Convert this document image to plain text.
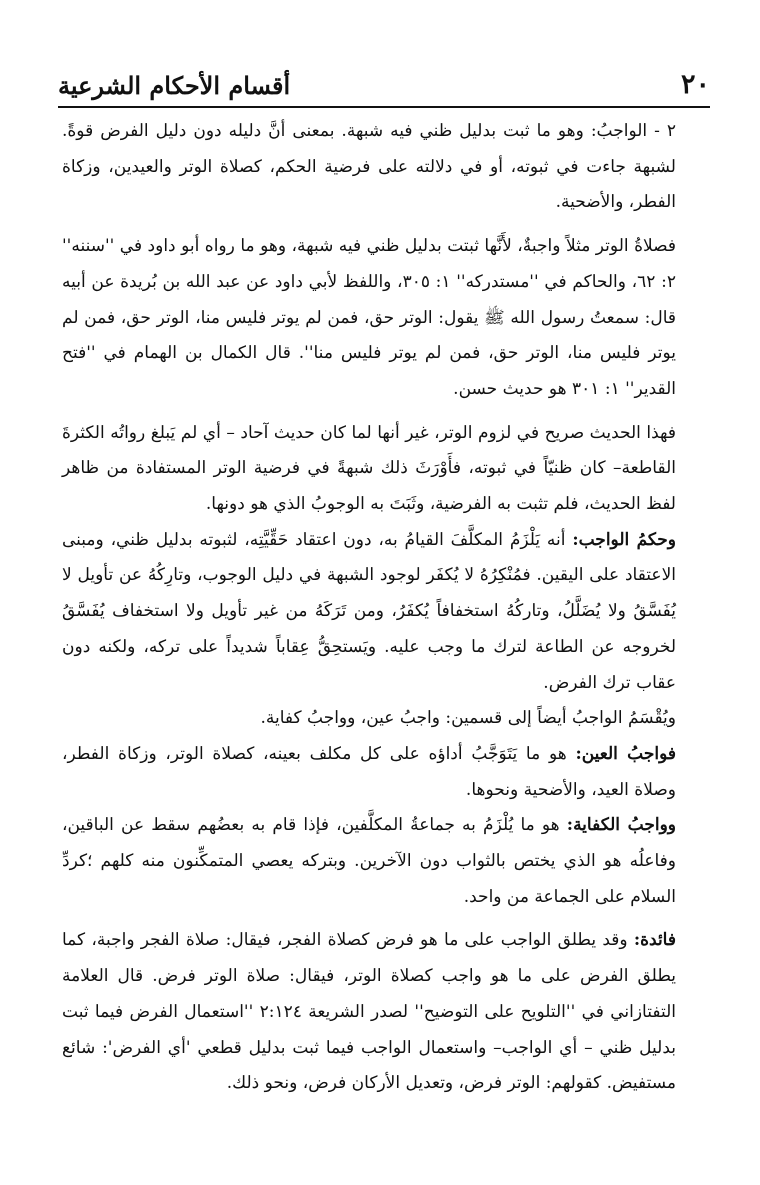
٢٠
أقسام الأحكام الشرعية

٢ - الواجبُ: وهو ما ثبت بدليل ظني فيه شبهة. بمعنى أنَّ دليله دون دليل الفرض قوةً. لشبهة جاءت في ثبوته، أو في دلالته على فرضية الحكم، كصلاة الوتر والعيدين، وزكاة الفطر، والأضحية.

فصلاةُ الوتر مثلاً واجبةٌ، لأَنَّها ثبتت بدليل ظني فيه شبهة، وهو ما رواه أبو داود في ''سننه'' ٢: ٦٢، والحاكم في ''مستدركه'' ١: ٣٠٥، واللفظ لأبي داود عن عبد الله بن بُريدة عن أبيه قال: سمعتُ رسول الله ﷺ يقول: الوتر حق، فمن لم يوتر فليس منا، الوتر حق، فمن لم يوتر فليس منا، الوتر حق، فمن لم يوتر فليس منا''. قال الكمال بن الهمام في ''فتح القدير'' ١: ٣٠١ هو حديث حسن.

فهذا الحديث صريح في لزوم الوتر، غير أنها لما كان حديث آحاد – أي لم يَبلغ رواتُه الكثرةَ القاطعة– كان ظنيّاً في ثبوته، فأَوْرَثَ ذلك شبهةً في فرضية الوتر المستفادة من ظاهر لفظ الحديث، فلم تثبت به الفرضية، وثَبَتَ به الوجوبُ الذي هو دونها.

وحكمُ الواجب: أنه يَلْزَمُ المكلَّفَ القيامُ به، دون اعتقاد حَقِّيَّتِه، لثبوته بدليل ظني، ومبنى الاعتقاد على اليقين. فمُنْكِرُهُ لا يُكفَر لوجود الشبهة في دليل الوجوب، وتارِكُهُ عن تأويل لا يُفَسَّقُ ولا يُضَلَّلُ، وتاركُهُ استخفافاً يُكفَرُ، ومن تَرَكَهُ من غير تأويل ولا استخفاف يُفَسَّقُ لخروجه عن الطاعة لترك ما وجب عليه. ويَستحِقُّ عِقاباً شديداً على تركه، ولكنه دون عقاب ترك الفرض.

ويُقْسَمُ الواجبُ أيضاً إلى قسمين: واجبُ عين، وواجبُ كفاية.

فواجبُ العين: هو ما يَتَوَجَّبُ أداؤه على كل مكلف بعينه، كصلاة الوتر، وزكاة الفطر، وصلاة العيد، والأضحية ونحوها.

وواجبُ الكفاية: هو ما يُلْزَمُ به جماعةُ المكلَّفين، فإذا قام به بعضُهم سقط عن الباقين، وفاعلُه هو الذي يختص بالثواب دون الآخرين. وبتركه يعصي المتمكِّنون منه كلهم ؛كردِّ السلام على الجماعة من واحد.

فائدة: وقد يطلق الواجب على ما هو فرض كصلاة الفجر، فيقال: صلاة الفجر واجبة، كما يطلق الفرض على ما هو واجب كصلاة الوتر، فيقال: صلاة الوتر فرض. قال العلامة التفتازاني في ''التلويح على التوضيح'' لصدر الشريعة ٢:١٢٤ ''استعمال الفرض فيما ثبت بدليل ظني – أي الواجب– واستعمال الواجب فيما ثبت بدليل قطعي 'أي الفرض': شائع مستفيض. كقولهم: الوتر فرض، وتعديل الأركان فرض، ونحو ذلك.
